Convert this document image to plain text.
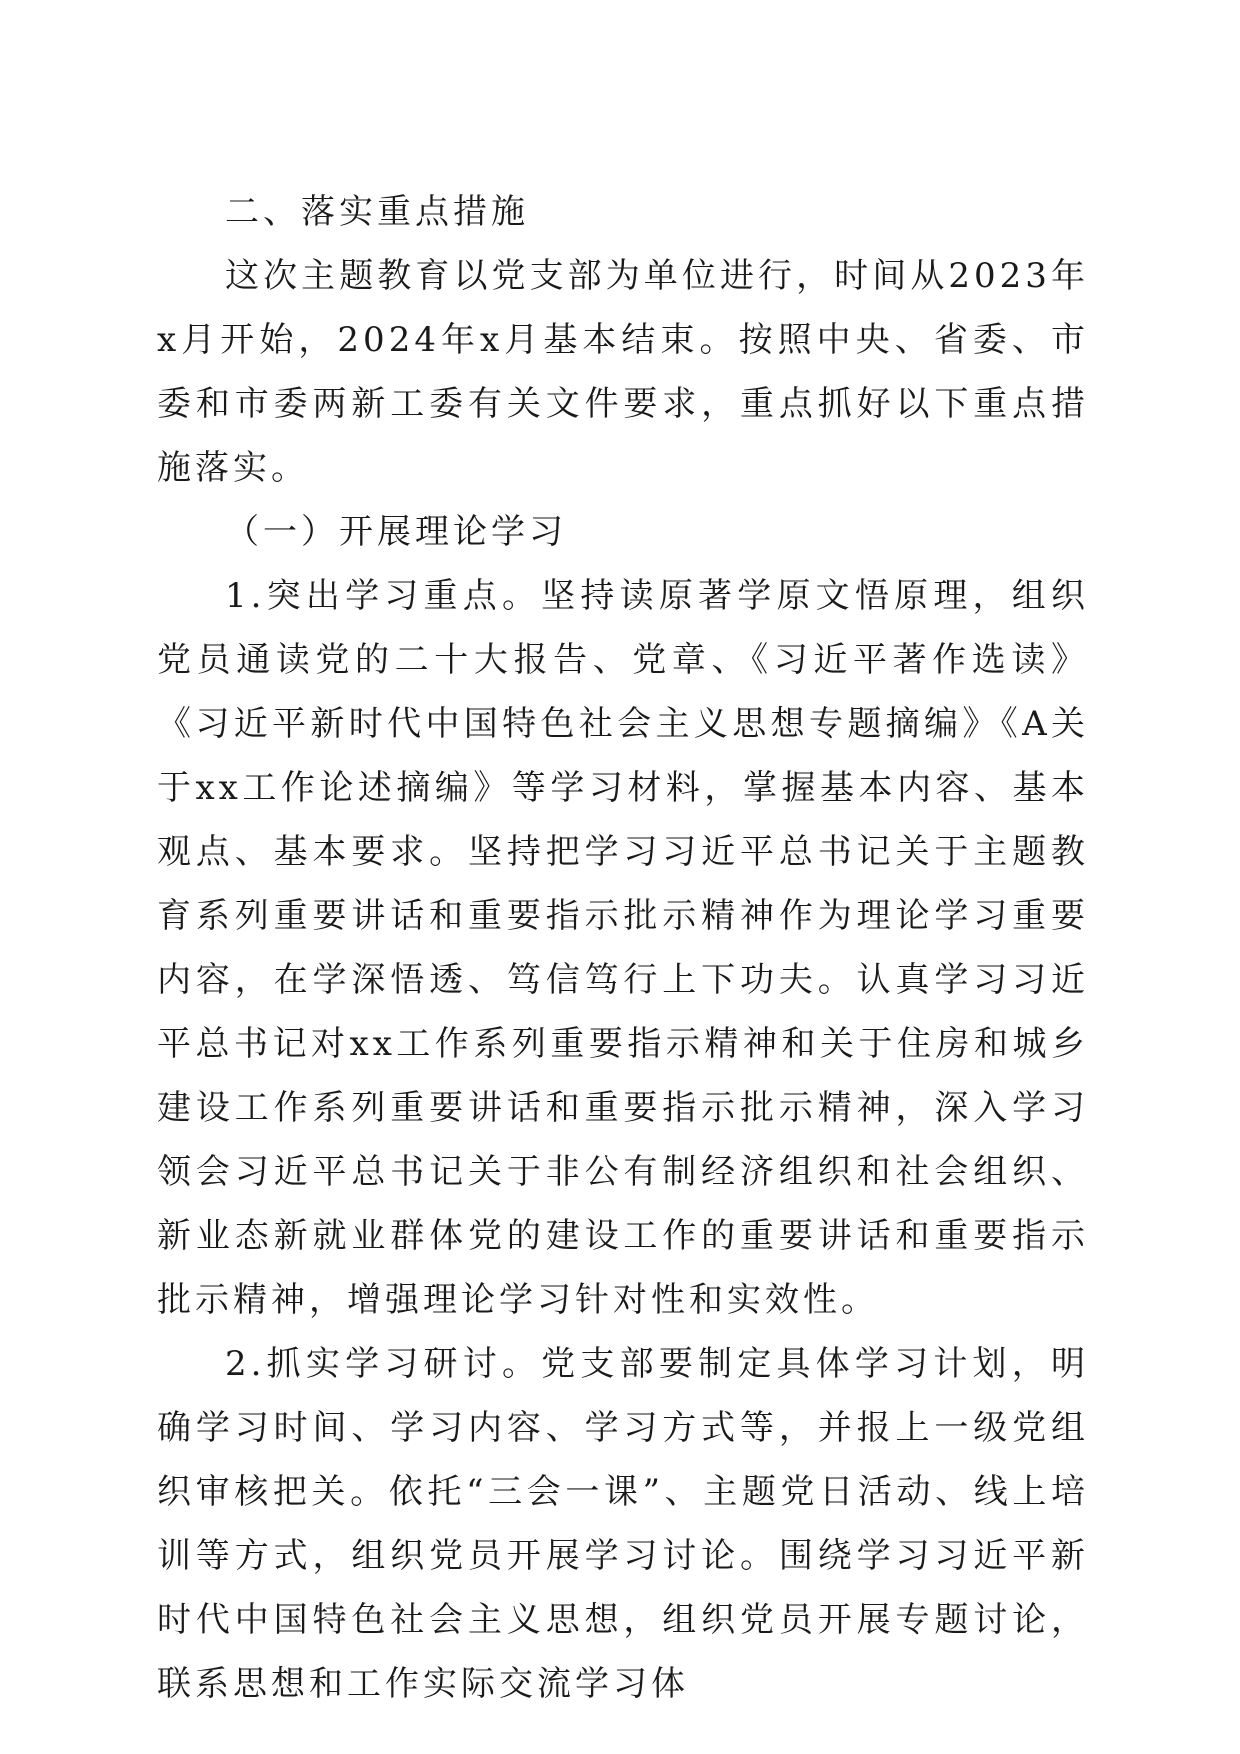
二、落实重点措施

这次主题教育以党支部为单位进行，时间从2023年x月开始，2024年x月基本结束。按照中央、省委、市委和市委两新工委有关文件要求，重点抓好以下重点措施落实。

（一）开展理论学习

1.突出学习重点。坚持读原著学原文悟原理，组织党员通读党的二十大报告、党章、《习近平著作选读》《习近平新时代中国特色社会主义思想专题摘编》《A关于xx工作论述摘编》等学习材料，掌握基本内容、基本观点、基本要求。坚持把学习习近平总书记关于主题教育系列重要讲话和重要指示批示精神作为理论学习重要内容，在学深悟透、笃信笃行上下功夫。认真学习习近平总书记对xx工作系列重要指示精神和关于住房和城乡建设工作系列重要讲话和重要指示批示精神，深入学习领会习近平总书记关于非公有制经济组织和社会组织、新业态新就业群体党的建设工作的重要讲话和重要指示批示精神，增强理论学习针对性和实效性。

2.抓实学习研讨。党支部要制定具体学习计划，明确学习时间、学习内容、学习方式等，并报上一级党组织审核把关。依托“三会一课”、主题党日活动、线上培训等方式，组织党员开展学习讨论。围绕学习习近平新时代中国特色社会主义思想，组织党员开展专题讨论，联系思想和工作实际交流学习体
